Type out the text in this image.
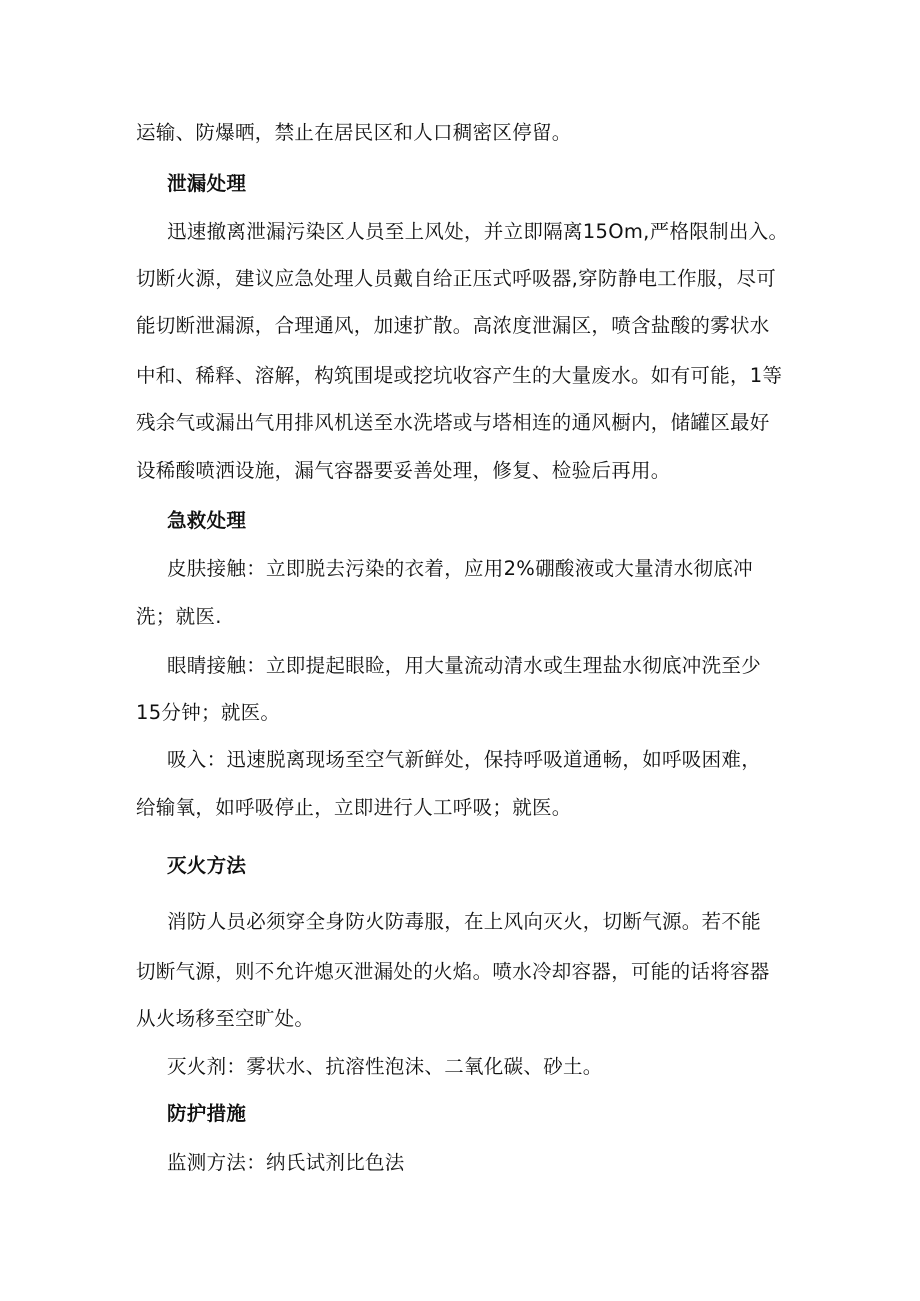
运输、防爆晒，禁止在居民区和人口稠密区停留。

泄漏处理

迅速撤离泄漏污染区人员至上风处，并立即隔离15Om,严格限制出入。

切断火源，建议应急处理人员戴自给正压式呼吸器,穿防静电工作服，尽可

能切断泄漏源，合理通风，加速扩散。高浓度泄漏区，喷含盐酸的雾状水

中和、稀释、溶解，构筑围堤或挖坑收容产生的大量废水。如有可能，1等

残余气或漏出气用排风机送至水洗塔或与塔相连的通风橱内，储罐区最好

设稀酸喷洒设施，漏气容器要妥善处理，修复、检验后再用。

急救处理

皮肤接触：立即脱去污染的衣着，应用2%硼酸液或大量清水彻底冲

洗；就医.

眼睛接触：立即提起眼睑，用大量流动清水或生理盐水彻底冲洗至少

15分钟；就医。

吸入：迅速脱离现场至空气新鲜处，保持呼吸道通畅，如呼吸困难，

给输氧，如呼吸停止，立即进行人工呼吸；就医。

灭火方法

消防人员必须穿全身防火防毒服，在上风向灭火，切断气源。若不能

切断气源，则不允许熄灭泄漏处的火焰。喷水冷却容器，可能的话将容器

从火场移至空旷处。

灭火剂：雾状水、抗溶性泡沫、二氧化碳、砂土。

防护措施

监测方法：纳氏试剂比色法
